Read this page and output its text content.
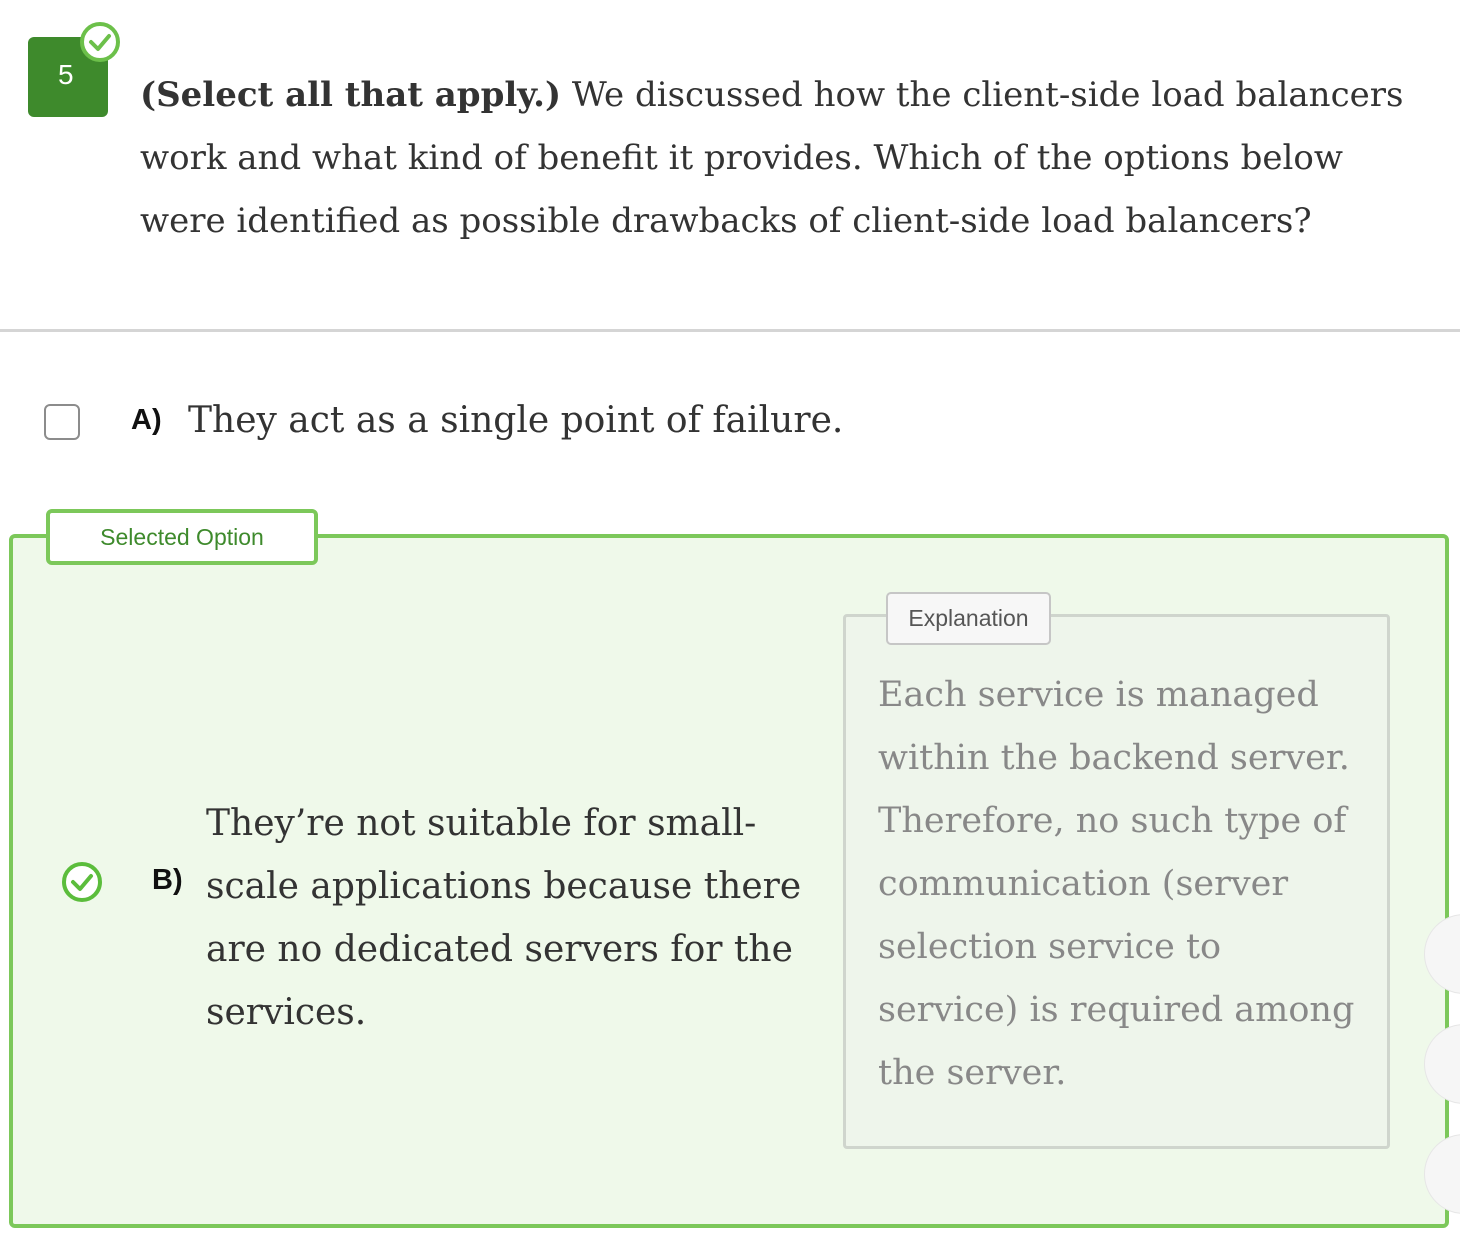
5

(Select all that apply.) We discussed how the client-side load balancers work and what kind of benefit it provides. Which of the options below were identified as possible drawbacks of client-side load balancers?

A) They act as a single point of failure.
Selected Option
B)

They’re not suitable for small-scale applications because there are no dedicated servers for the services.

Explanation

Each service is managed within the backend server. Therefore, no such type of communication (server selection service to service) is required among the server.
